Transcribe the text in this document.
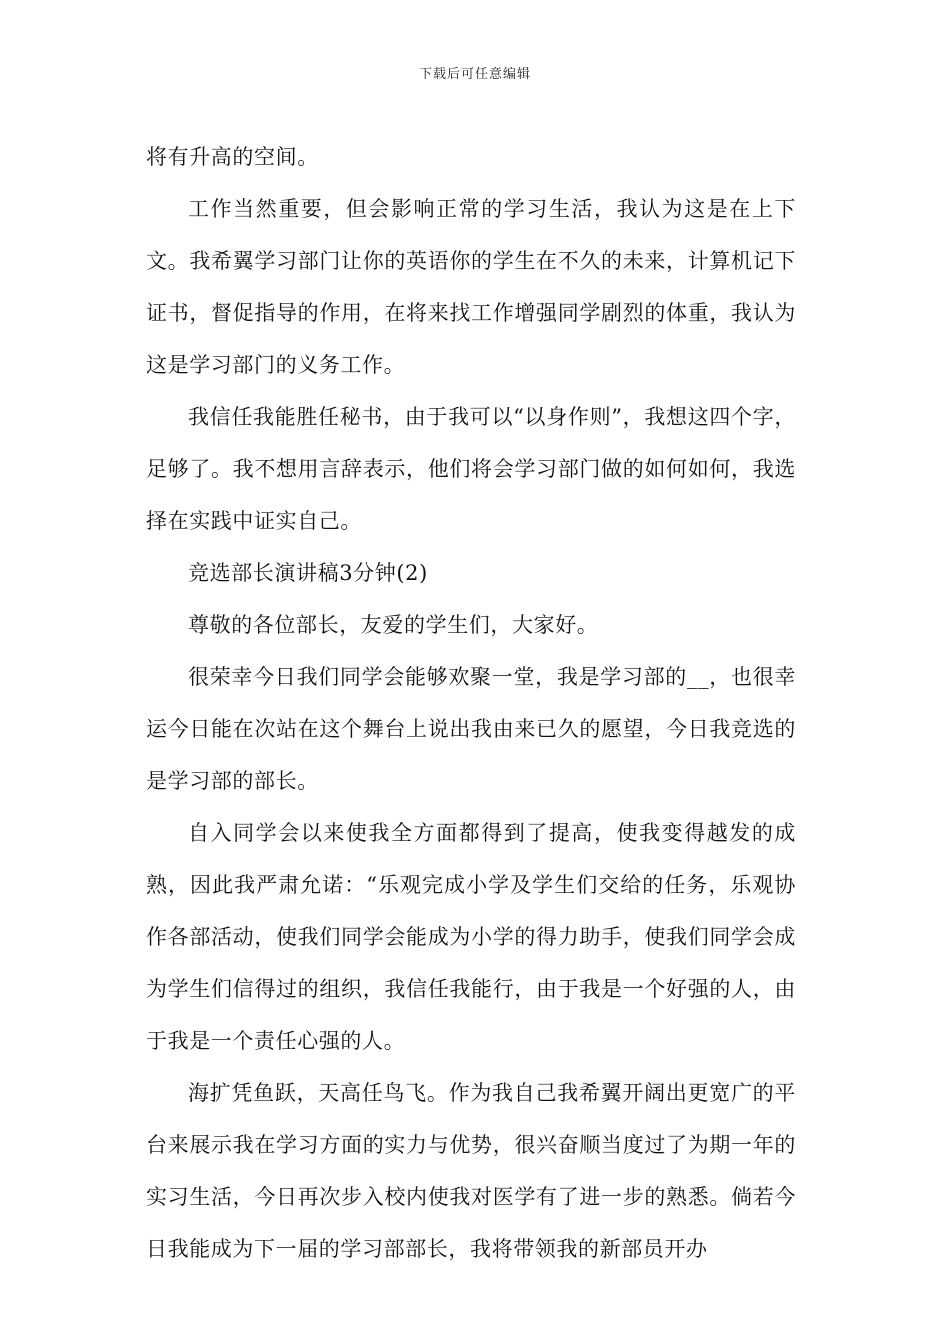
下载后可任意编辑

将有升高的空间。

工作当然重要，但会影响正常的学习生活，我认为这是在上下文。我希翼学习部门让你的英语你的学生在不久的未来，计算机记下证书，督促指导的作用，在将来找工作增强同学剧烈的体重，我认为这是学习部门的义务工作。

我信任我能胜任秘书，由于我可以“以身作则”，我想这四个字，足够了。我不想用言辞表示，他们将会学习部门做的如何如何，我选择在实践中证实自己。

竞选部长演讲稿3分钟(2)

尊敬的各位部长，友爱的学生们，大家好。

很荣幸今日我们同学会能够欢聚一堂，我是学习部的__，也很幸运今日能在次站在这个舞台上说出我由来已久的愿望，今日我竞选的是学习部的部长。

自入同学会以来使我全方面都得到了提高，使我变得越发的成熟，因此我严肃允诺：“乐观完成小学及学生们交给的任务，乐观协作各部活动，使我们同学会能成为小学的得力助手，使我们同学会成为学生们信得过的组织，我信任我能行，由于我是一个好强的人，由于我是一个责任心强的人。

海扩凭鱼跃，天高任鸟飞。作为我自己我希翼开阔出更宽广的平台来展示我在学习方面的实力与优势，很兴奋顺当度过了为期一年的实习生活，今日再次步入校内使我对医学有了进一步的熟悉。倘若今日我能成为下一届的学习部部长，我将带领我的新部员开办
